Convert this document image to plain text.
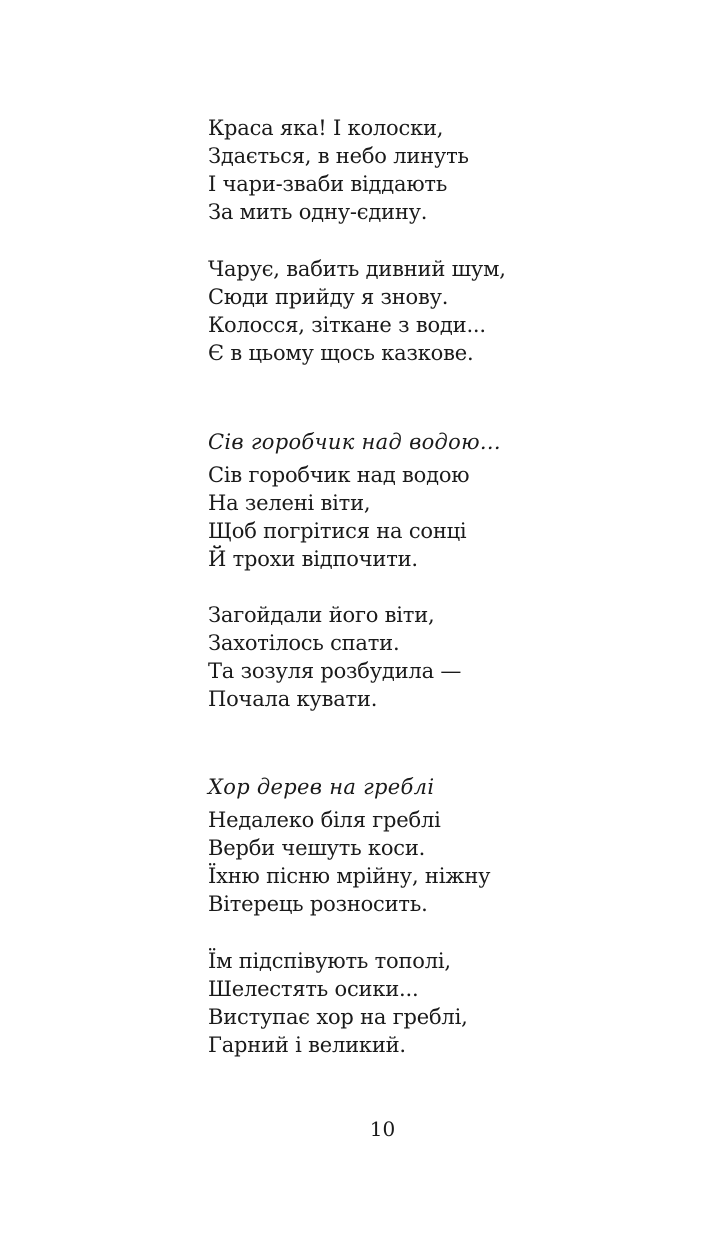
Краса яка! І колоски,
Здається, в небо линуть
І чари-зваби віддають
За мить одну-єдину.
Чарує, вабить дивний шум,
Сюди прийду я знову.
Колосся, зіткане з води...
Є в цьому щось казкове.
Сів горобчик над водою...
Сів горобчик над водою
На зелені віти,
Щоб погрітися на сонці
Й трохи відпочити.
Загойдали його віти,
Захотілось спати.
Та зозуля розбудила —
Почала кувати.
Хор дерев на греблі
Недалеко біля греблі
Верби чешуть коси.
Їхню пісню мрійну, ніжну
Вітерець розносить.
Їм підспівують тополі,
Шелестять осики...
Виступає хор на греблі,
Гарний і великий.
10
